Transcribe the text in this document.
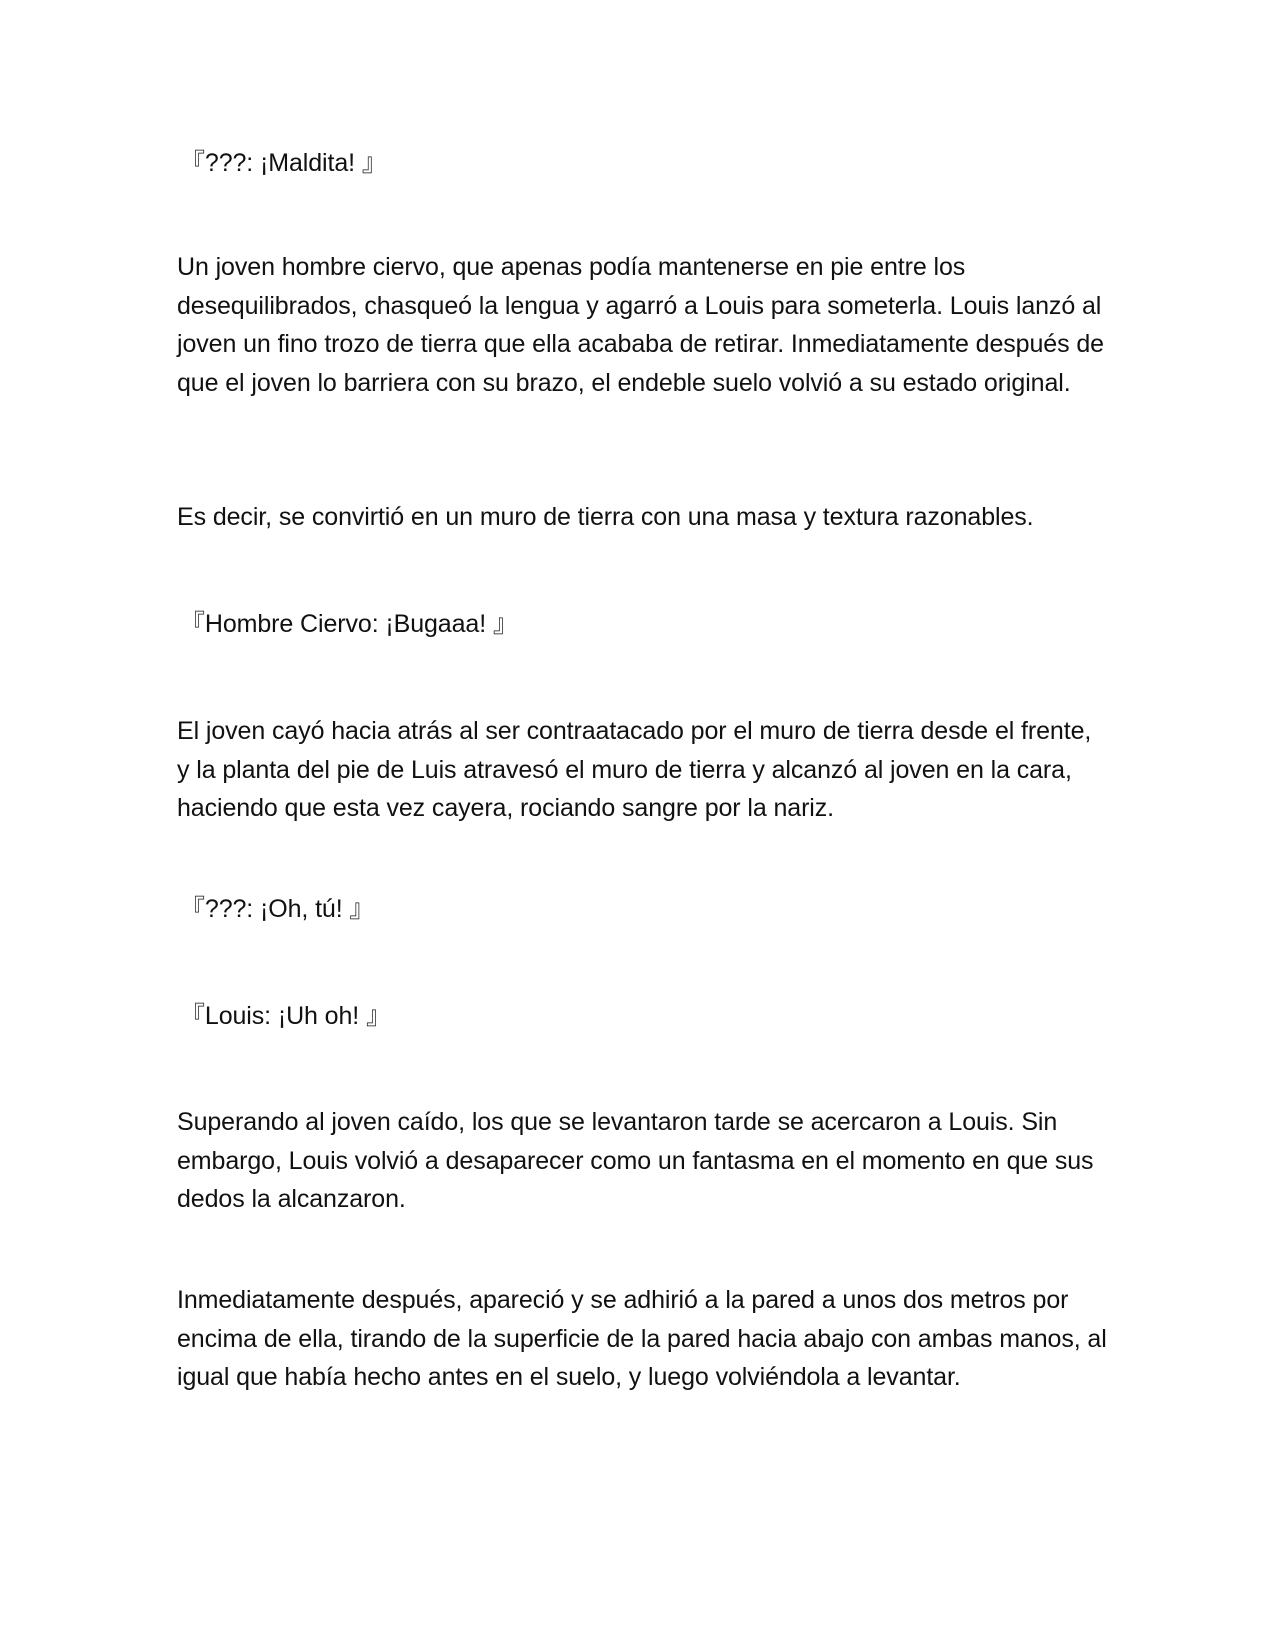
『???: ¡Maldita! 』

Un joven hombre ciervo, que apenas podía mantenerse en pie entre los desequilibrados, chasqueó la lengua y agarró a Louis para someterla. Louis lanzó al joven un fino trozo de tierra que ella acababa de retirar. Inmediatamente después de que el joven lo barriera con su brazo, el endeble suelo volvió a su estado original.

Es decir, se convirtió en un muro de tierra con una masa y textura razonables.

『Hombre Ciervo: ¡Bugaaa! 』

El joven cayó hacia atrás al ser contraatacado por el muro de tierra desde el frente, y la planta del pie de Luis atravesó el muro de tierra y alcanzó al joven en la cara, haciendo que esta vez cayera, rociando sangre por la nariz.

『???: ¡Oh, tú! 』

『Louis: ¡Uh oh! 』

Superando al joven caído, los que se levantaron tarde se acercaron a Louis. Sin embargo, Louis volvió a desaparecer como un fantasma en el momento en que sus dedos la alcanzaron.

Inmediatamente después, apareció y se adhirió a la pared a unos dos metros por encima de ella, tirando de la superficie de la pared hacia abajo con ambas manos, al igual que había hecho antes en el suelo, y luego volviéndola a levantar.
